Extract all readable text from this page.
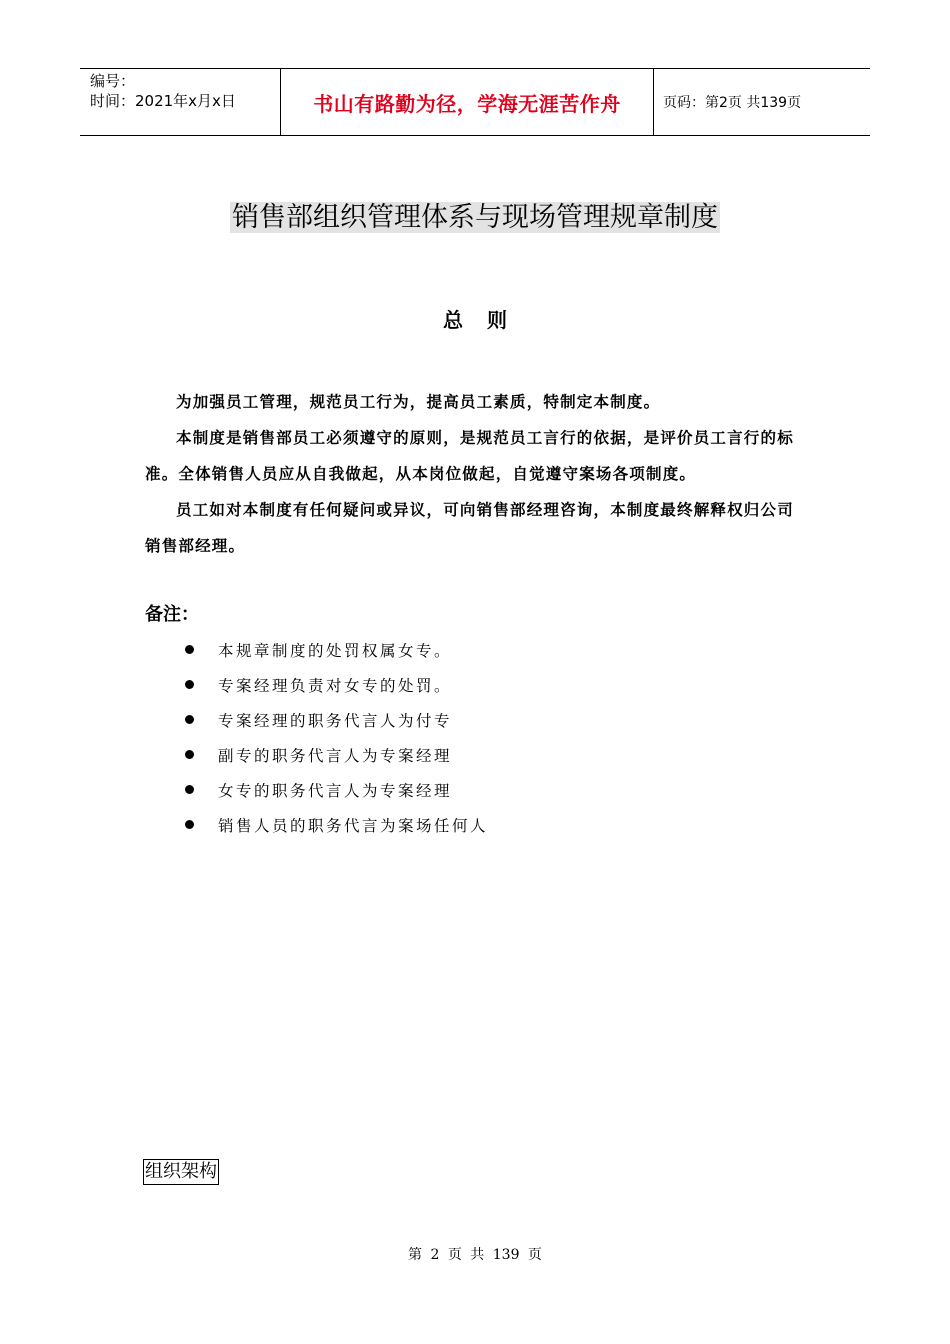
编号：
时间：2021年x月x日	书山有路勤为径，学海无涯苦作舟	页码：第2页 共139页
销售部组织管理体系与现场管理规章制度
总则

为加强员工管理，规范员工行为，提高员工素质，特制定本制度。

本制度是销售部员工必须遵守的原则，是规范员工言行的依据，是评价员工言行的标准。全体销售人员应从自我做起，从本岗位做起，自觉遵守案场各项制度。

员工如对本制度有任何疑问或异议，可向销售部经理咨询，本制度最终解释权归公司销售部经理。

备注：
本规章制度的处罚权属女专。
专案经理负责对女专的处罚。
专案经理的职务代言人为付专
副专的职务代言人为专案经理
女专的职务代言人为专案经理
销售人员的职务代言为案场任何人
组织架构
第 2 页 共 139 页
